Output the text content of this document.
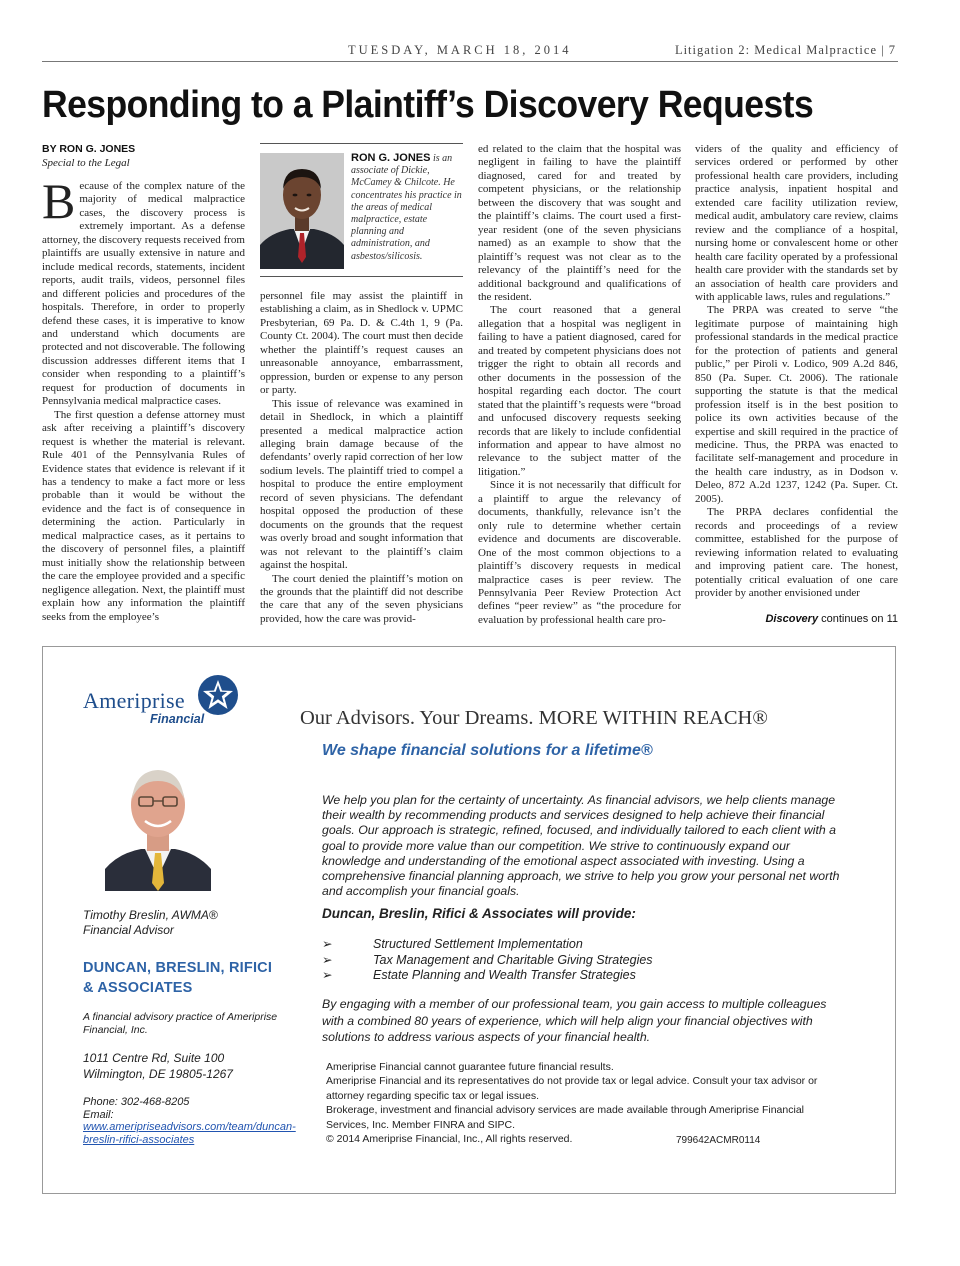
TUESDAY, MARCH 18, 2014	Litigation 2: Medical Malpractice | 7
Responding to a Plaintiff’s Discovery Requests
BY RON G. JONES
Special to the Legal

Because of the complex nature of the majority of medical malpractice cases, the discovery process is extremely important. As a defense attorney, the discovery requests received from plaintiffs are usually extensive in nature and include medical records, statements, incident reports, audit trails, videos, personnel files and different policies and procedures of the hospitals. Therefore, in order to properly defend these cases, it is imperative to know and understand which documents are protected and not discoverable. The following discussion addresses different items that I consider when responding to a plaintiff’s request for production of documents in Pennsylvania medical malpractice cases.

The first question a defense attorney must ask after receiving a plaintiff’s discovery request is whether the material is relevant. Rule 401 of the Pennsylvania Rules of Evidence states that evidence is relevant if it has a tendency to make a fact more or less probable than it would be without the evidence and the fact is of consequence in determining the action. Particularly in medical malpractice cases, as it pertains to the discovery of personnel files, a plaintiff must initially show the relationship between the care the employee provided and a specific negligence allegation. Next, the plaintiff must explain how any information the plaintiff seeks from the employee’s

RON G. JONES is an associate of Dickie, McCamey & Chilcote. He concentrates his practice in the areas of medical malpractice, estate planning and administration, and asbestos/silicosis.

personnel file may assist the plaintiff in establishing a claim, as in Shedlock v. UPMC Presbyterian, 69 Pa. D. & C.4th 1, 9 (Pa. County Ct. 2004). The court must then decide whether the plaintiff’s request causes an unreasonable annoyance, embarrassment, oppression, burden or expense to any person or party.

This issue of relevance was examined in detail in Shedlock, in which a plaintiff presented a medical malpractice action alleging brain damage because of the defendants’ overly rapid correction of her low sodium levels. The plaintiff tried to compel a hospital to produce the entire employment record of seven physicians. The defendant hospital opposed the production of these documents on the grounds that the request was overly broad and sought information that was not relevant to the plaintiff’s claim against the hospital.

The court denied the plaintiff’s motion on the grounds that the plaintiff did not describe the care that any of the seven physicians provided, how the care was provid-

ed related to the claim that the hospital was negligent in failing to have the plaintiff diagnosed, cared for and treated by competent physicians, or the relationship between the discovery that was sought and the plaintiff’s claims. The court used a first-year resident (one of the seven physicians named) as an example to show that the plaintiff’s request was not clear as to the relevancy of the plaintiff’s need for the additional background and qualifications of the resident.

The court reasoned that a general allegation that a hospital was negligent in failing to have a patient diagnosed, cared for and treated by competent physicians does not trigger the right to obtain all records and other documents in the possession of the hospital regarding each doctor. The court stated that the plaintiff’s requests were “broad and unfocused discovery requests seeking records that are likely to include confidential information and appear to have almost no relevance to the subject matter of the litigation.”

Since it is not necessarily that difficult for a plaintiff to argue the relevancy of documents, thankfully, relevance isn’t the only rule to determine whether certain evidence and documents are discoverable. One of the most common objections to a plaintiff’s discovery requests in medical malpractice cases is peer review. The Pennsylvania Peer Review Protection Act defines “peer review” as “the procedure for evaluation by professional health care pro-

viders of the quality and efficiency of services ordered or performed by other professional health care providers, including practice analysis, inpatient hospital and extended care facility utilization review, medical audit, ambulatory care review, claims review and the compliance of a hospital, nursing home or convalescent home or other health care facility operated by a professional health care provider with the standards set by an association of health care providers and with applicable laws, rules and regulations.”

The PRPA was created to serve “the legitimate purpose of maintaining high professional standards in the medical practice for the protection of patients and general public,” per Piroli v. Lodico, 909 A.2d 846, 850 (Pa. Super. Ct. 2006). The rationale supporting the statute is that the medical profession itself is in the best position to police its own activities because of the expertise and skill required in the practice of medicine. Thus, the PRPA was enacted to facilitate self-management and procedure in the health care industry, as in Dodson v. Deleo, 872 A.2d 1237, 1242 (Pa. Super. Ct. 2005).

The PRPA declares confidential the records and proceedings of a review committee, established for the purpose of reviewing information related to evaluating and improving patient care. The honest, potentially critical evaluation of one care provider by another envisioned under

Discovery continues on 11
Ameriprise
Financial
Timothy Breslin, AWMA®
Financial Advisor
DUNCAN, BRESLIN, RIFICI
& ASSOCIATES
A financial advisory practice of Ameriprise Financial, Inc.
1011 Centre Rd, Suite 100
Wilmington, DE 19805-1267
Phone: 302-468-8205
Email:
www.ameripriseadvisors.com/team/duncan-breslin-rifici-associates
Our Advisors. Your Dreams. MORE WITHIN REACH®
We shape financial solutions for a lifetime®
We help you plan for the certainty of uncertainty. As financial advisors, we help clients manage their wealth by recommending products and services designed to help achieve their financial goals. Our approach is strategic, refined, focused, and individually tailored to each client with a goal to provide more value than our competition. We strive to continuously expand our knowledge and understanding of the emotional aspect associated with investing. Using a comprehensive financial planning approach, we strive to help you grow your personal net worth and accomplish your financial goals.
Duncan, Breslin, Rifici & Associates will provide:
➢	Structured Settlement Implementation
➢	Tax Management and Charitable Giving Strategies
➢	Estate Planning and Wealth Transfer Strategies
By engaging with a member of our professional team, you gain access to multiple colleagues with a combined 80 years of experience, which will help align your financial objectives with solutions to address various aspects of your financial health.
Ameriprise Financial cannot guarantee future financial results.
Ameriprise Financial and its representatives do not provide tax or legal advice. Consult your tax advisor or attorney regarding specific tax or legal issues.
Brokerage, investment and financial advisory services are made available through Ameriprise Financial Services, Inc. Member FINRA and SIPC.
© 2014 Ameriprise Financial, Inc., All rights reserved.	799642ACMR0114
